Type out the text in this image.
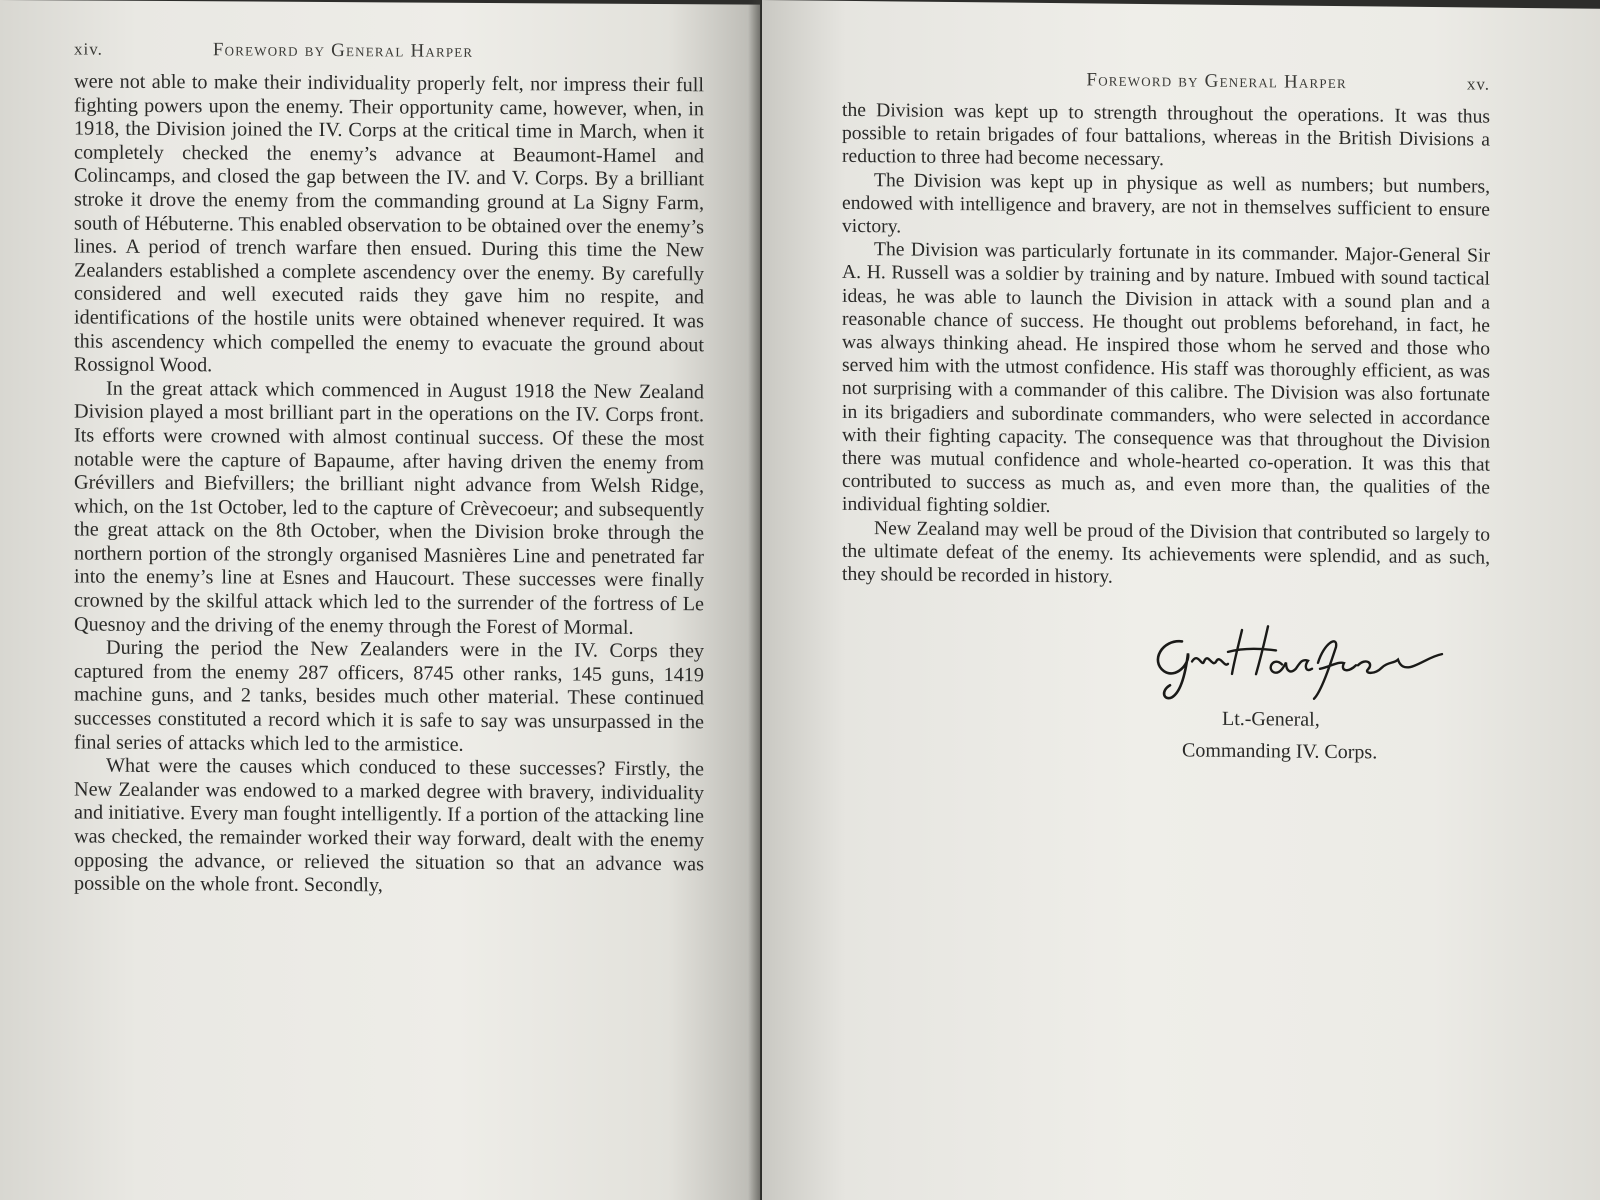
xiv.	Foreword by General Harper

were not able to make their individuality properly felt, nor impress their full fighting powers upon the enemy. Their opportunity came, however, when, in 1918, the Division joined the IV. Corps at the critical time in March, when it completely checked the enemy’s advance at Beaumont-Hamel and Colincamps, and closed the gap between the IV. and V. Corps. By a brilliant stroke it drove the enemy from the commanding ground at La Signy Farm, south of Hébuterne. This enabled observation to be obtained over the enemy’s lines. A period of trench warfare then ensued. During this time the New Zealanders established a complete ascendency over the enemy. By carefully considered and well executed raids they gave him no respite, and identifications of the hostile units were obtained whenever required. It was this ascendency which compelled the enemy to evacuate the ground about Rossignol Wood.

In the great attack which commenced in August 1918 the New Zealand Division played a most brilliant part in the operations on the IV. Corps front. Its efforts were crowned with almost continual success. Of these the most notable were the capture of Bapaume, after having driven the enemy from Grévillers and Biefvillers; the brilliant night advance from Welsh Ridge, which, on the 1st October, led to the capture of Crèvecoeur; and subsequently the great attack on the 8th October, when the Division broke through the northern portion of the strongly organised Masnières Line and penetrated far into the enemy’s line at Esnes and Haucourt. These successes were finally crowned by the skilful attack which led to the surrender of the fortress of Le Quesnoy and the driving of the enemy through the Forest of Mormal.

During the period the New Zealanders were in the IV. Corps they captured from the enemy 287 officers, 8745 other ranks, 145 guns, 1419 machine guns, and 2 tanks, besides much other material. These continued successes constituted a record which it is safe to say was unsurpassed in the final series of attacks which led to the armistice.

What were the causes which conduced to these successes? Firstly, the New Zealander was endowed to a marked degree with bravery, individuality and initiative. Every man fought intelligently. If a portion of the attacking line was checked, the remainder worked their way forward, dealt with the enemy opposing the advance, or relieved the situation so that an advance was possible on the whole front. Secondly,

Foreword by General Harper	xv.

the Division was kept up to strength throughout the operations. It was thus possible to retain brigades of four battalions, whereas in the British Divisions a reduction to three had become necessary.

The Division was kept up in physique as well as numbers; but numbers, endowed with intelligence and bravery, are not in themselves sufficient to ensure victory.

The Division was particularly fortunate in its commander. Major-General Sir A. H. Russell was a soldier by training and by nature. Imbued with sound tactical ideas, he was able to launch the Division in attack with a sound plan and a reasonable chance of success. He thought out problems beforehand, in fact, he was always thinking ahead. He inspired those whom he served and those who served him with the utmost confidence. His staff was thoroughly efficient, as was not surprising with a commander of this calibre. The Division was also fortunate in its brigadiers and subordinate commanders, who were selected in accordance with their fighting capacity. The consequence was that throughout the Division there was mutual confidence and whole-hearted co-operation. It was this that contributed to success as much as, and even more than, the qualities of the individual fighting soldier.

New Zealand may well be proud of the Division that contributed so largely to the ultimate defeat of the enemy. Its achievements were splendid, and as such, they should be recorded in history.

Lt.-General,
Commanding IV. Corps.
